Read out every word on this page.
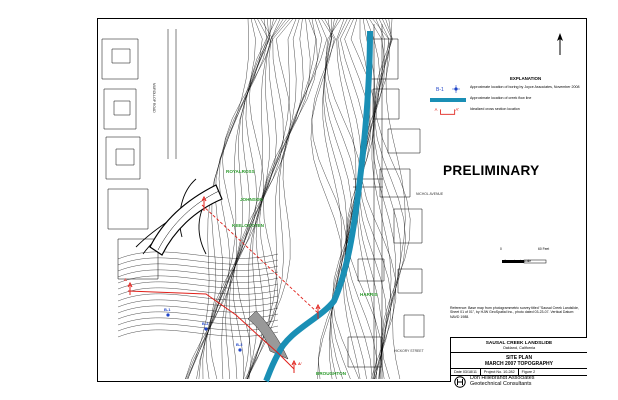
ROYALROSS
JOHNSON
KEELOCOTEN
HARRIS
BROUGHTON
MUROLLOP ROAD
NICHOL AVENUE
HICKORY STREET
A
A'
B-1
B-2
B-3
EXPLANATION
B-1	Approximate location of boring by Joyce Associates, November 2008
Approximate location of creek flow line
A	A'	Idealized cross section location
PRELIMINARY
0	60 Feet
Approximate scale
Reference: Base map from photogrammetric survey titled "Sausal Creek Landslide, Sheet 01 of 01", by HJW GeoSpatial Inc., photo dated 03-23-07. Vertical Datum: NAVD 1988.
SAUSAL CREEK LANDSLIDE
Oakland, California
SITE PLAN
MARCH 2007 TOPOGRAPHY
Date 03/18/11	Project No. 10-282	Figure 2
Don Hillebrandt Associates
Geotechnical Consultants
